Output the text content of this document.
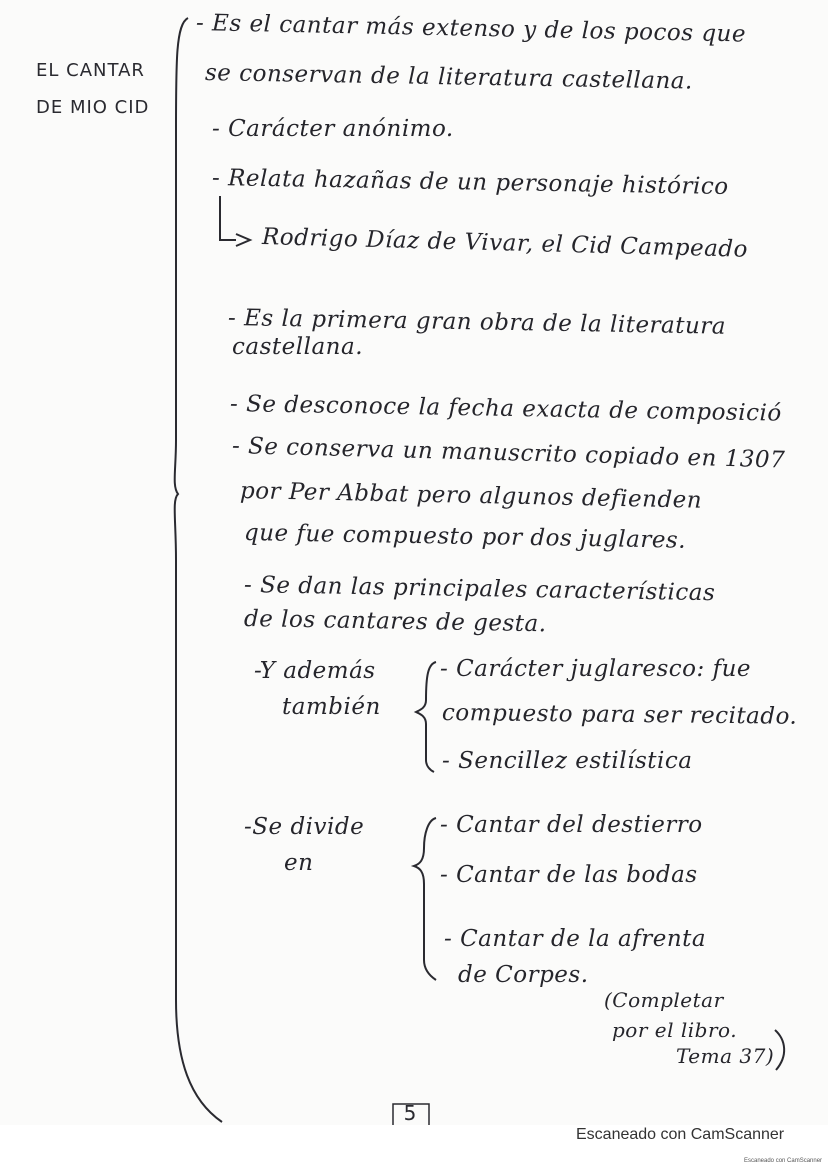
EL CANTAR
DE MIO CID
- Es el cantar más extenso y de los pocos que
se conservan de la literatura castellana.
- Carácter anónimo.
- Relata hazañas de un personaje histórico
Rodrigo Díaz de Vivar, el Cid Campeado
- Es la primera gran obra de la literatura
castellana.
- Se desconoce la fecha exacta de composició
- Se conserva un manuscrito copiado en 1307
por Per Abbat pero algunos defienden
que fue compuesto por dos juglares.
- Se dan las principales características
de los cantares de gesta.
-Y además
también
- Carácter juglaresco: fue
compuesto para ser recitado.
- Sencillez estilística
-Se divide
en
- Cantar del destierro
- Cantar de las bodas
- Cantar de la afrenta
de Corpes.
(Completar
por el libro.
Tema 37)
5
Escaneado con CamScanner
Escaneado con CamScanner
